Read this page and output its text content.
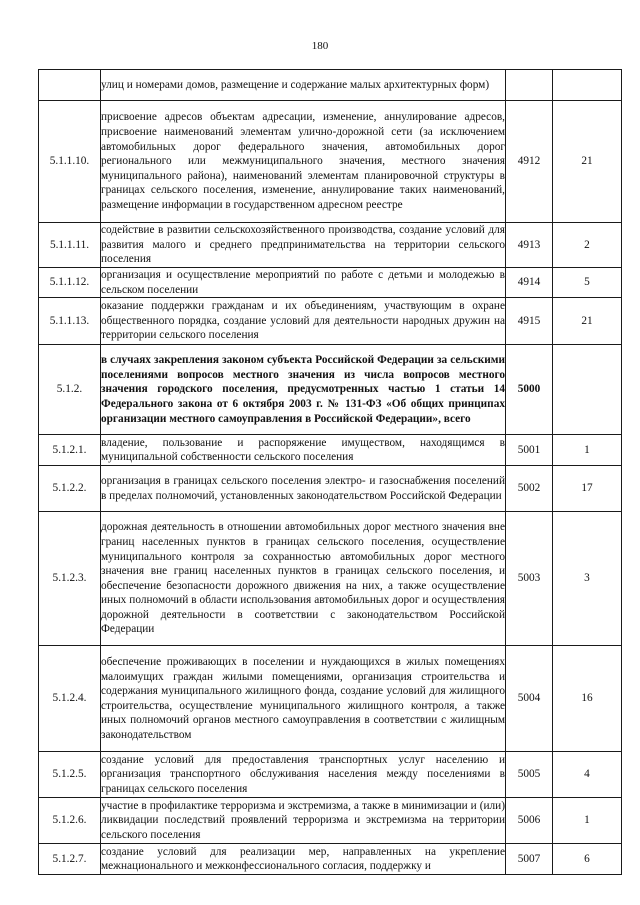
180

	улиц и номерами домов, размещение и содержание малых архитектурных форм)		

5.1.1.10.	присвоение адресов объектам адресации, изменение, аннулирование адресов, присвоение наименований элементам улично-дорожной сети (за исключением автомобильных дорог федерального значения, автомобильных дорог регионального или межмуниципального значения, местного значения муниципального района), наименований элементам планировочной структуры в границах сельского поселения, изменение, аннулирование таких наименований, размещение информации в государственном адресном реестре	4912	21
5.1.1.11.	содействие в развитии сельскохозяйственного производства, создание условий для развития малого и среднего предпринимательства на территории сельского поселения	4913	2
5.1.1.12.	организация и осуществление мероприятий по работе с детьми и молодежью в сельском поселении	4914	5
5.1.1.13.	оказание поддержки гражданам и их объединениям, участвующим в охране общественного порядка, создание условий для деятельности народных дружин на территории сельского поселения	4915	21
5.1.2.	в случаях закрепления законом субъекта Российской Федерации за сельскими поселениями вопросов местного значения из числа вопросов местного значения городского поселения, предусмотренных частью 1 статьи 14 Федерального закона от 6 октября 2003 г. № 131-ФЗ «Об общих принципах организации местного самоуправления в Российской Федерации», всего	5000	
5.1.2.1.	владение, пользование и распоряжение имуществом, находящимся в муниципальной собственности сельского поселения	5001	1
5.1.2.2.	организация в границах сельского поселения электро- и газоснабжения поселений в пределах полномочий, установленных законодательством Российской Федерации	5002	17
5.1.2.3.	дорожная деятельность в отношении автомобильных дорог местного значения вне границ населенных пунктов в границах сельского поселения, осуществление муниципального контроля за сохранностью автомобильных дорог местного значения вне границ населенных пунктов в границах сельского поселения, и обеспечение безопасности дорожного движения на них, а также осуществление иных полномочий в области использования автомобильных дорог и осуществления дорожной деятельности в соответствии с законодательством Российской Федерации	5003	3
5.1.2.4.	обеспечение проживающих в поселении и нуждающихся в жилых помещениях малоимущих граждан жилыми помещениями, организация строительства и содержания муниципального жилищного фонда, создание условий для жилищного строительства, осуществление муниципального жилищного контроля, а также иных полномочий органов местного самоуправления в соответствии с жилищным законодательством	5004	16
5.1.2.5.	создание условий для предоставления транспортных услуг населению и организация транспортного обслуживания населения между поселениями в границах сельского поселения	5005	4
5.1.2.6.	участие в профилактике терроризма и экстремизма, а также в минимизации и (или) ликвидации последствий проявлений терроризма и экстремизма на территории сельского поселения	5006	1
5.1.2.7.	создание условий для реализации мер, направленных на укрепление межнационального и межконфессионального согласия, поддержку и	5007	6
